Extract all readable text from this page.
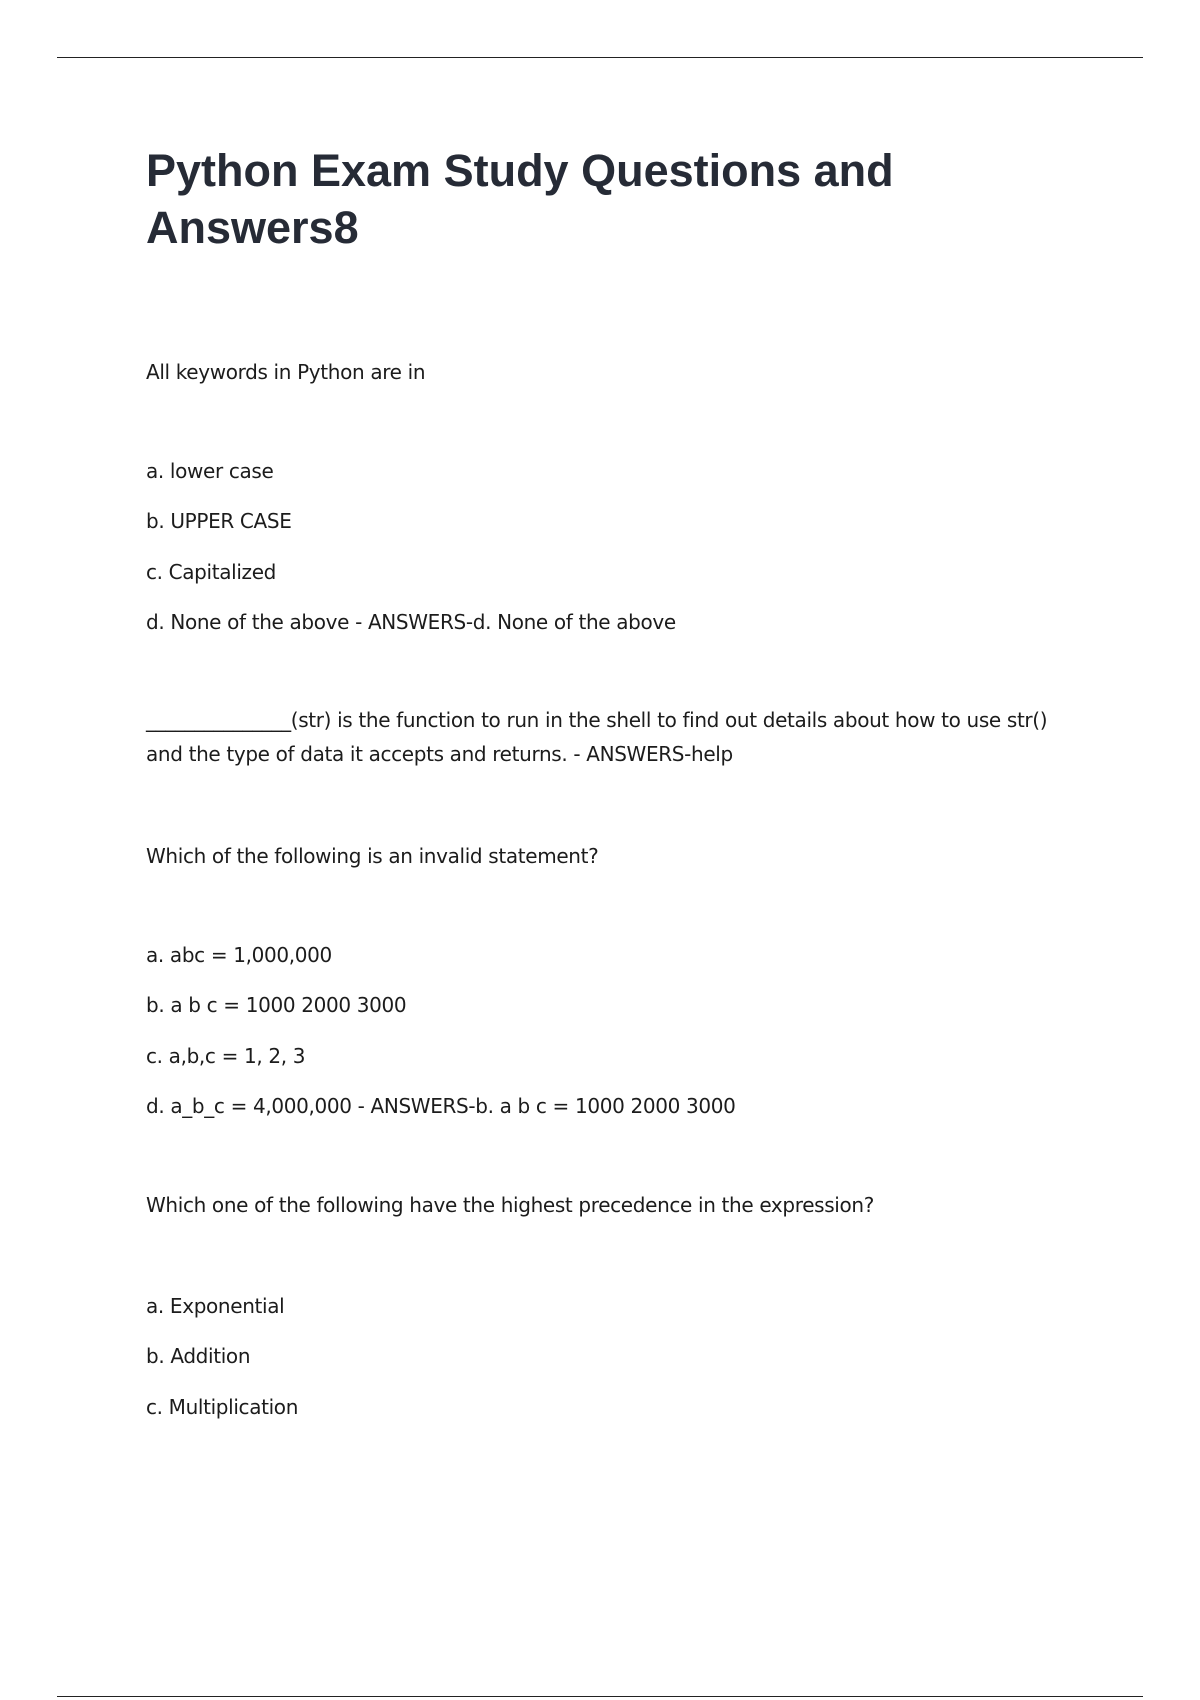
Python Exam Study Questions and Answers8

All keywords in Python are in

a. lower case

b. UPPER CASE

c. Capitalized

d. None of the above - ANSWERS-d. None of the above

_______________(str) is the function to run in the shell to find out details about how to use str() and the type of data it accepts and returns. - ANSWERS-help

Which of the following is an invalid statement?

a. abc = 1,000,000

b. a b c = 1000 2000 3000

c. a,b,c = 1, 2, 3

d. a_b_c = 4,000,000 - ANSWERS-b. a b c = 1000 2000 3000

Which one of the following have the highest precedence in the expression?

a. Exponential

b. Addition

c. Multiplication
